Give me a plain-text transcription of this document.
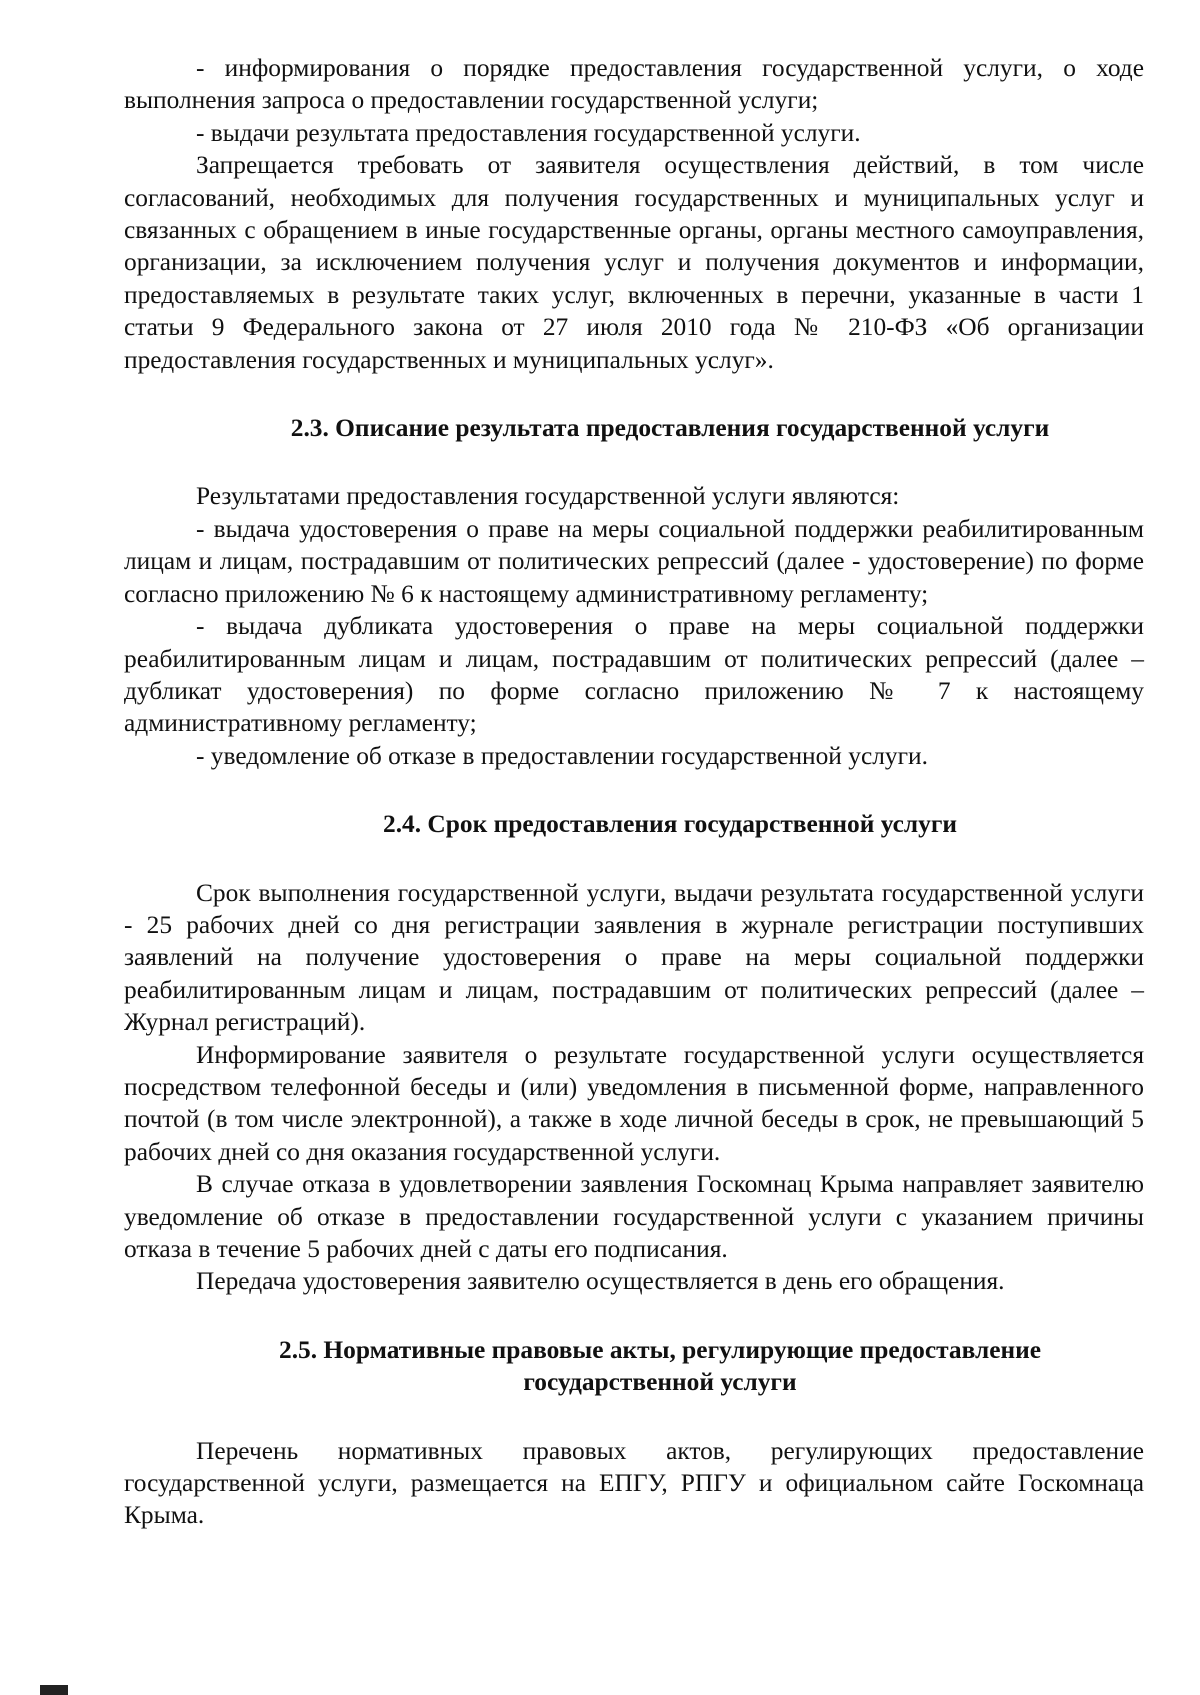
- информирования о порядке предоставления государственной услуги, о ходе выполнения запроса о предоставлении государственной услуги;

- выдачи результата предоставления государственной услуги.

Запрещается требовать от заявителя осуществления действий, в том числе согласований, необходимых для получения государственных и муниципальных услуг и связанных с обращением в иные государственные органы, органы местного самоуправления, организации, за исключением получения услуг и получения документов и информации, предоставляемых в результате таких услуг, включенных в перечни, указанные в части 1 статьи 9 Федерального закона от 27 июля 2010 года № 210-ФЗ «Об организации предоставления государственных и муниципальных услуг».

2.3. Описание результата предоставления государственной услуги

Результатами предоставления государственной услуги являются:

- выдача удостоверения о праве на меры социальной поддержки реабилитированным лицам и лицам, пострадавшим от политических репрессий (далее - удостоверение) по форме согласно приложению № 6 к настоящему административному регламенту;

- выдача дубликата удостоверения о праве на меры социальной поддержки реабилитированным лицам и лицам, пострадавшим от политических репрессий (далее – дубликат удостоверения) по форме согласно приложению № 7 к настоящему административному регламенту;

- уведомление об отказе в предоставлении государственной услуги.

2.4. Срок предоставления государственной услуги

Срок выполнения государственной услуги, выдачи результата государственной услуги - 25 рабочих дней со дня регистрации заявления в журнале регистрации поступивших заявлений на получение удостоверения о праве на меры социальной поддержки реабилитированным лицам и лицам, пострадавшим от политических репрессий (далее – Журнал регистраций).

Информирование заявителя о результате государственной услуги осуществляется посредством телефонной беседы и (или) уведомления в письменной форме, направленного почтой (в том числе электронной), а также в ходе личной беседы в срок, не превышающий 5 рабочих дней со дня оказания государственной услуги.

В случае отказа в удовлетворении заявления Госкомнац Крыма направляет заявителю уведомление об отказе в предоставлении государственной услуги с указанием причины отказа в течение 5 рабочих дней с даты его подписания.

Передача удостоверения заявителю осуществляется в день его обращения.

2.5. Нормативные правовые акты, регулирующие предоставление

государственной услуги

Перечень нормативных правовых актов, регулирующих предоставление государственной услуги, размещается на ЕПГУ, РПГУ и официальном сайте Госкомнаца Крыма.
